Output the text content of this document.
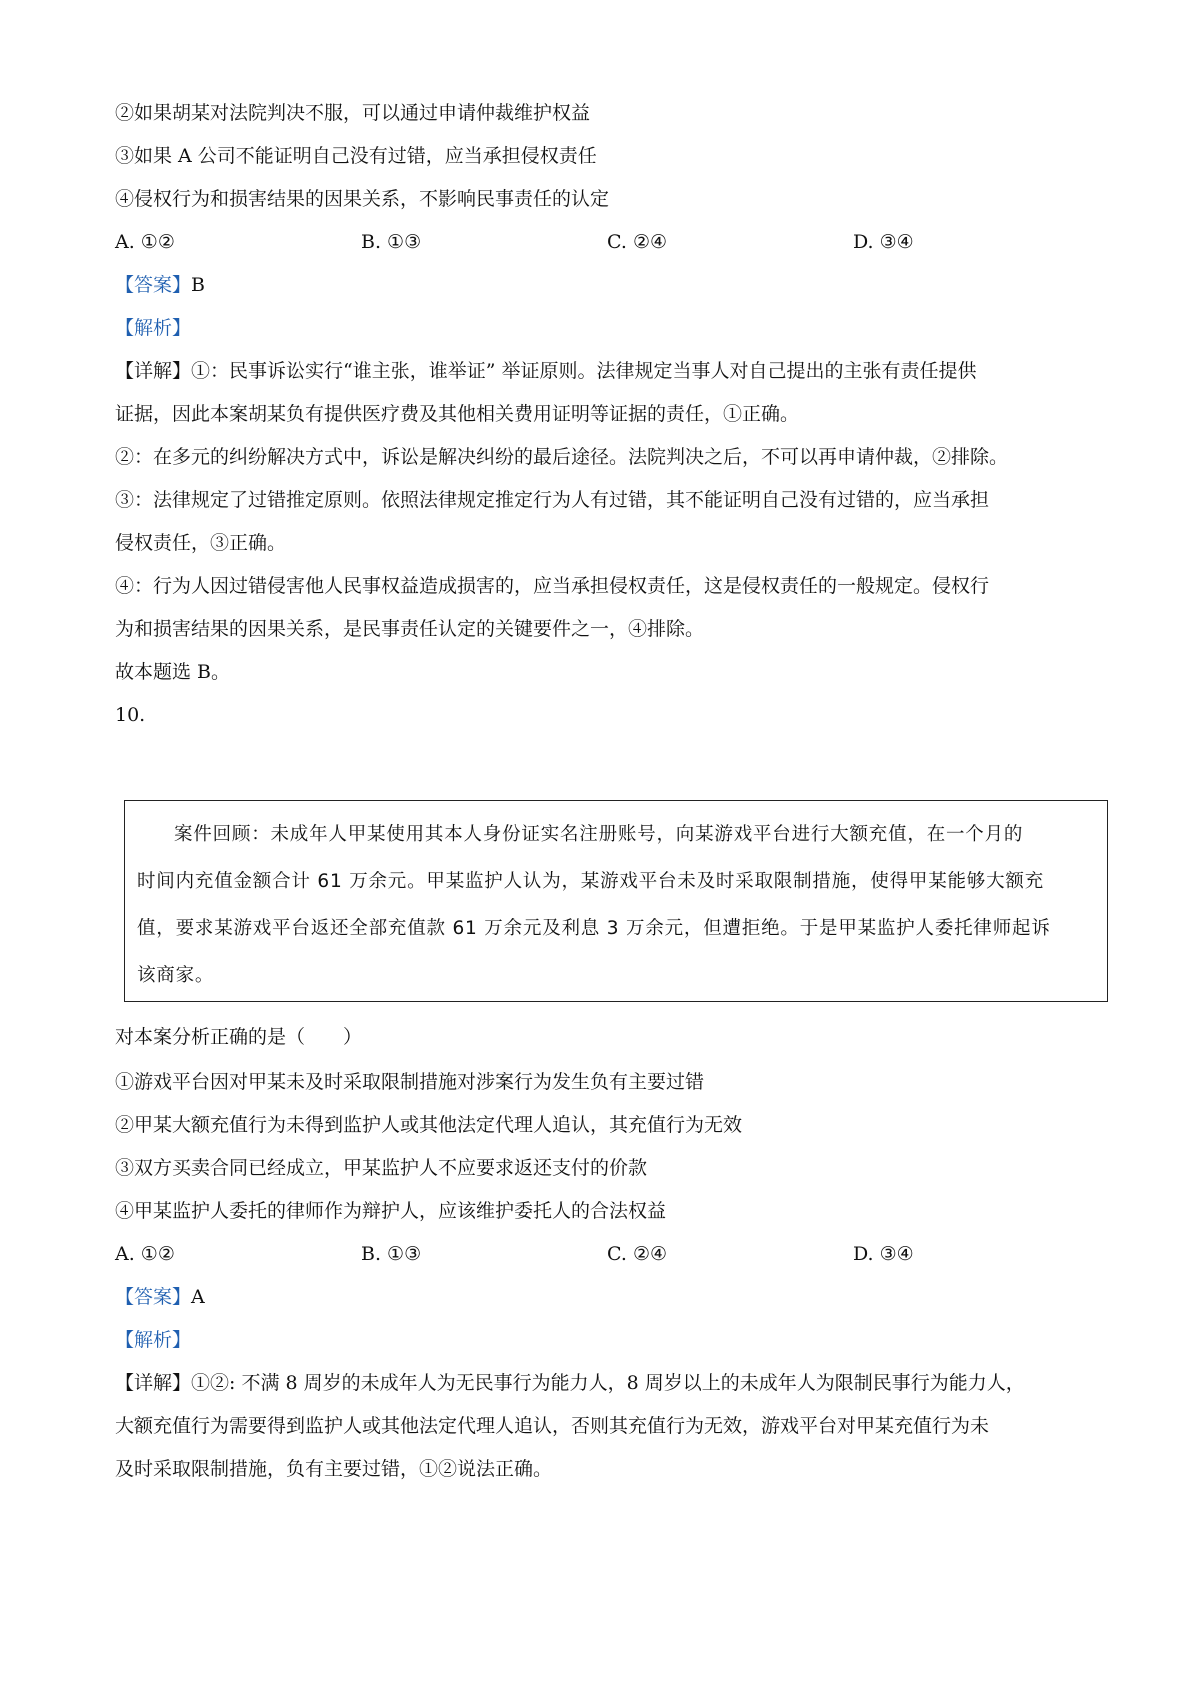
②如果胡某对法院判决不服，可以通过申请仲裁维护权益
③如果 A 公司不能证明自己没有过错，应当承担侵权责任
④侵权行为和损害结果的因果关系，不影响民事责任的认定
A. ①②	B. ①③	C. ②④	D. ③④
【答案】B
【解析】
【详解】①：民事诉讼实行“谁主张，谁举证” 举证原则。法律规定当事人对自己提出的主张有责任提供
证据，因此本案胡某负有提供医疗费及其他相关费用证明等证据的责任，①正确。
②：在多元的纠纷解决方式中，诉讼是解决纠纷的最后途径。法院判决之后，不可以再申请仲裁，②排除。
③：法律规定了过错推定原则。依照法律规定推定行为人有过错，其不能证明自己没有过错的，应当承担
侵权责任，③正确。
④：行为人因过错侵害他人民事权益造成损害的，应当承担侵权责任，这是侵权责任的一般规定。侵权行
为和损害结果的因果关系，是民事责任认定的关键要件之一，④排除。
故本题选 B。
10.

案件回顾：未成年人甲某使用其本人身份证实名注册账号，向某游戏平台进行大额充值，在一个月的

时间内充值金额合计 61 万余元。甲某监护人认为，某游戏平台未及时采取限制措施，使得甲某能够大额充

值，要求某游戏平台返还全部充值款 61 万余元及利息 3 万余元，但遭拒绝。于是甲某监护人委托律师起诉

该商家。

对本案分析正确的是（　　）
①游戏平台因对甲某未及时采取限制措施对涉案行为发生负有主要过错
②甲某大额充值行为未得到监护人或其他法定代理人追认，其充值行为无效
③双方买卖合同已经成立，甲某监护人不应要求返还支付的价款
④甲某监护人委托的律师作为辩护人，应该维护委托人的合法权益
A. ①②	B. ①③	C. ②④	D. ③④
【答案】A
【解析】
【详解】①②: 不满 8 周岁的未成年人为无民事行为能力人，8 周岁以上的未成年人为限制民事行为能力人，
大额充值行为需要得到监护人或其他法定代理人追认，否则其充值行为无效，游戏平台对甲某充值行为未
及时采取限制措施，负有主要过错，①②说法正确。
